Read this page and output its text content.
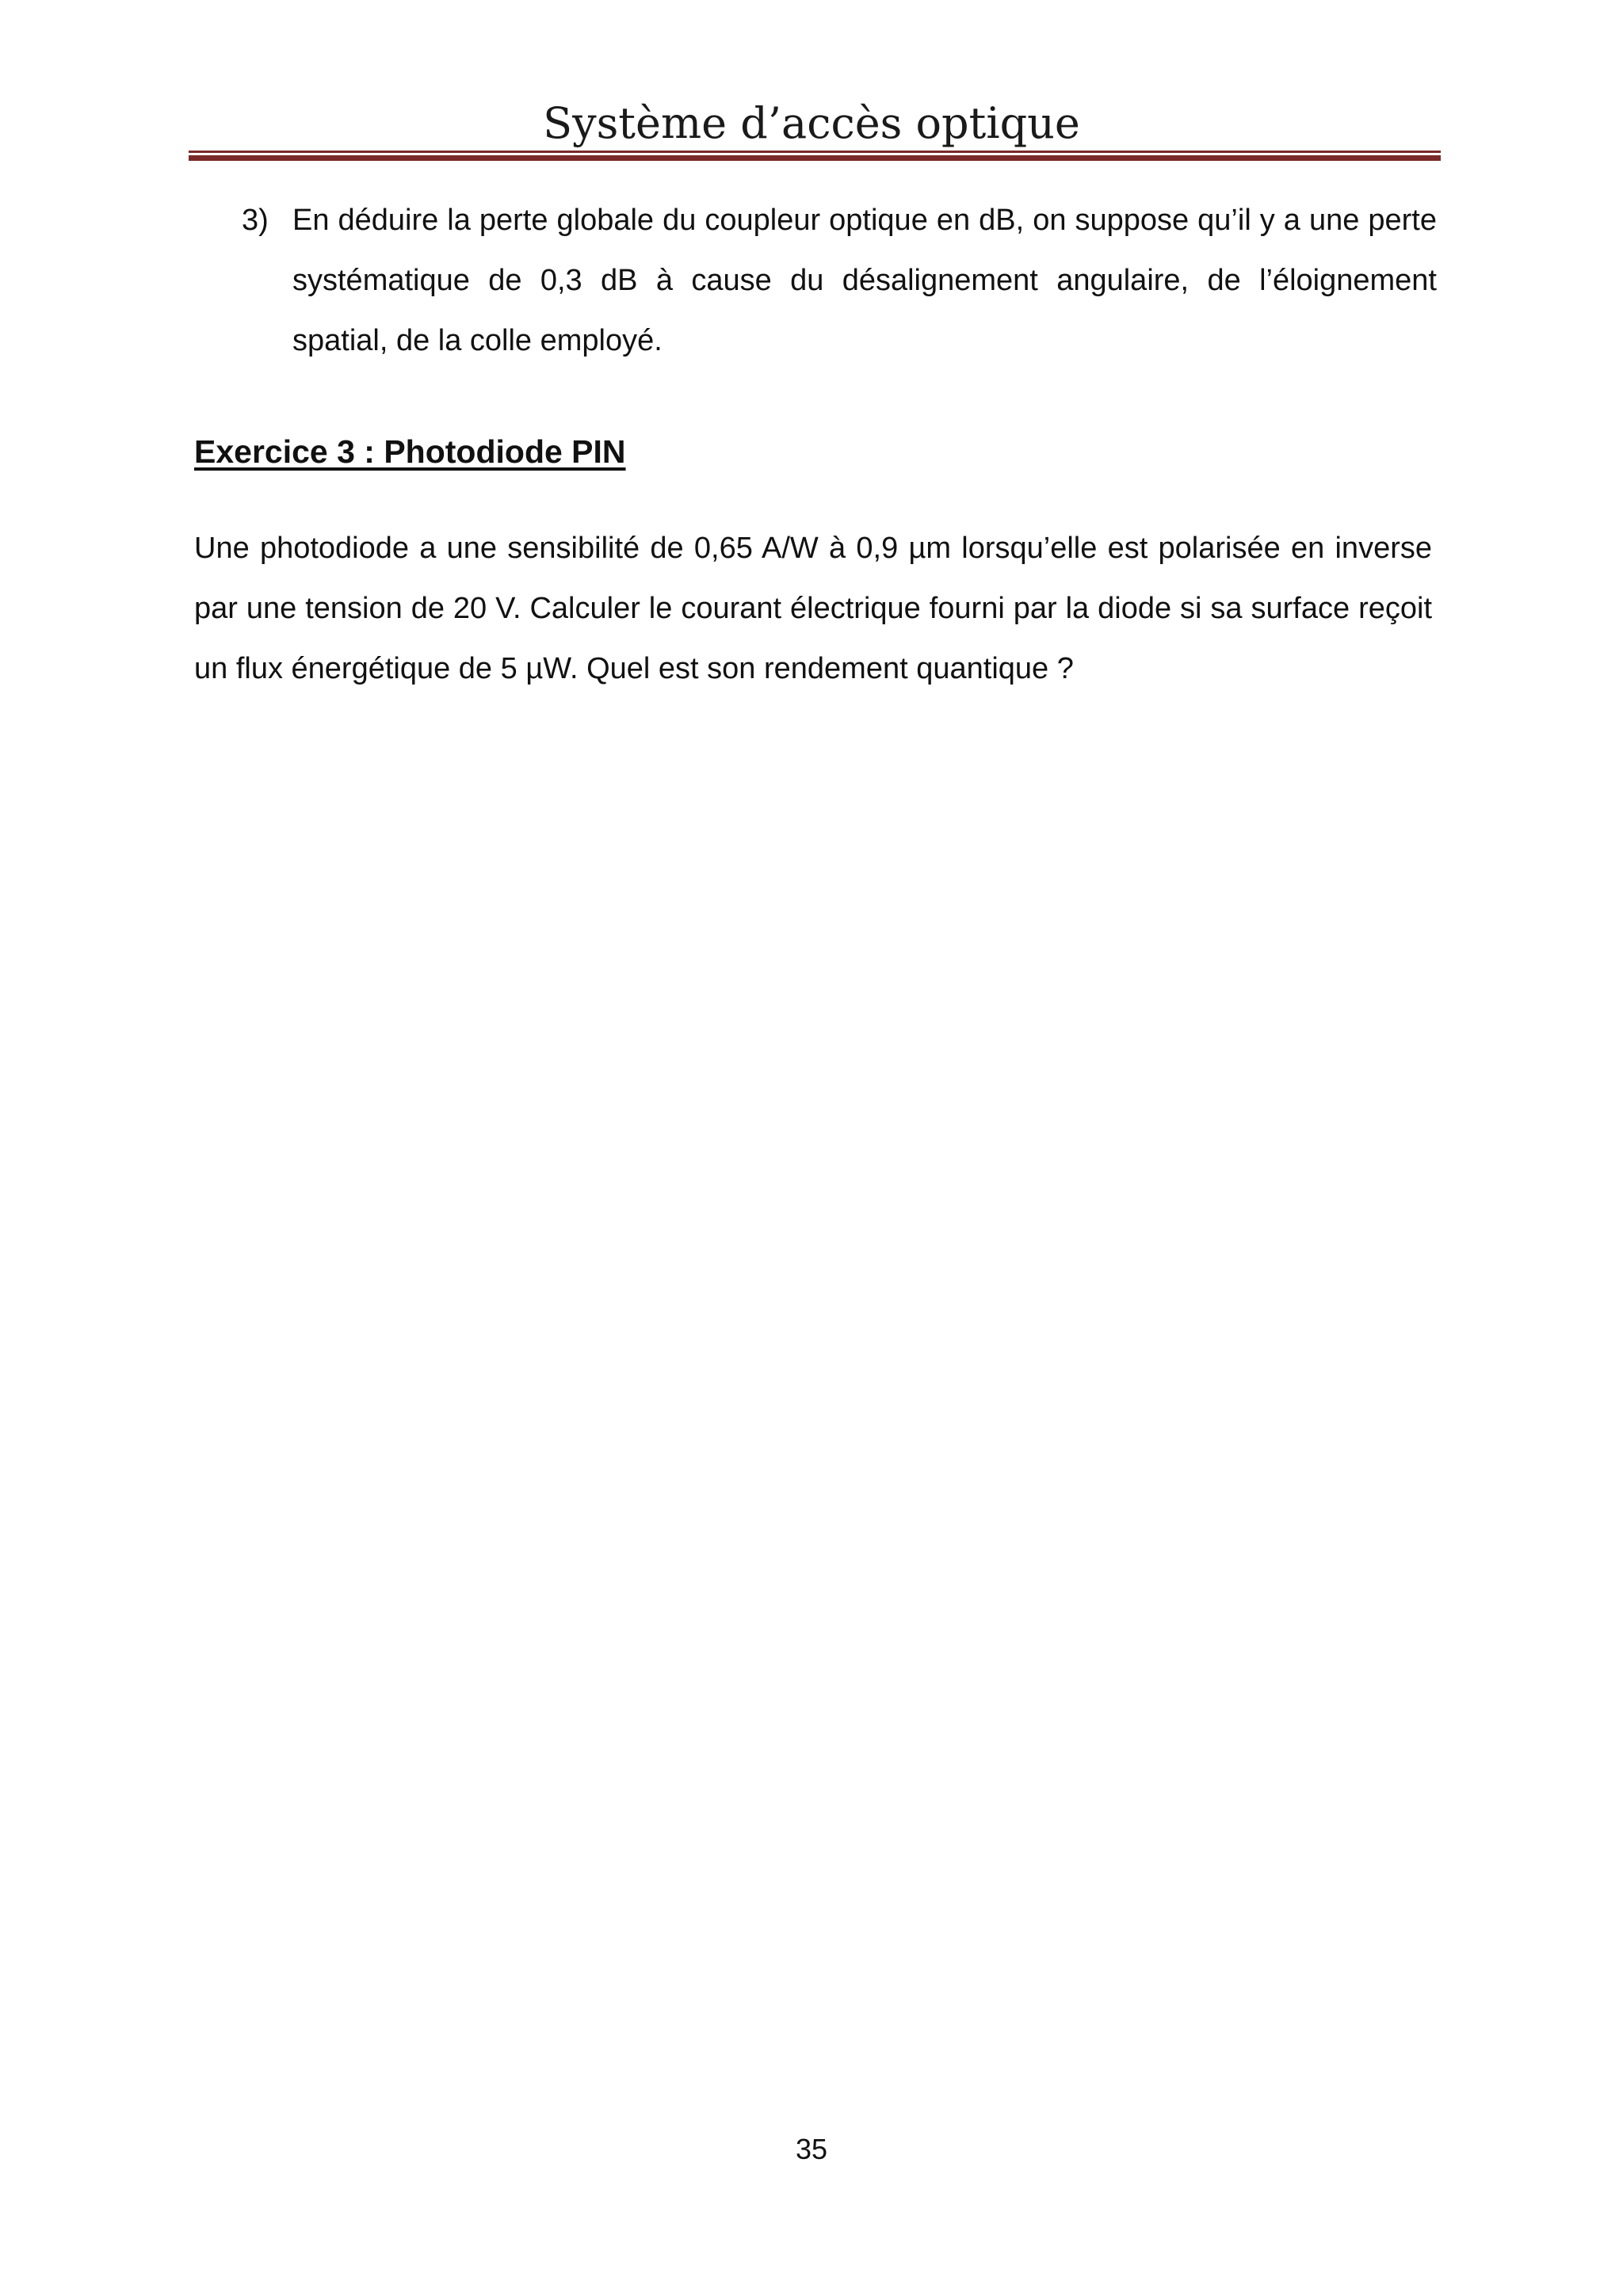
Système d’accès optique
3) En déduire la perte globale du coupleur optique en dB, on suppose qu’il y a une perte systématique de 0,3 dB à cause du désalignement angulaire, de l’éloignement spatial, de la colle employé.
Exercice 3 : Photodiode PIN
Une photodiode a une sensibilité de 0,65 A/W à 0,9 µm lorsqu’elle est polarisée en inverse par une tension de 20 V. Calculer le courant électrique fourni par la diode si sa surface reçoit un flux énergétique de 5 µW. Quel est son rendement quantique ?
35
